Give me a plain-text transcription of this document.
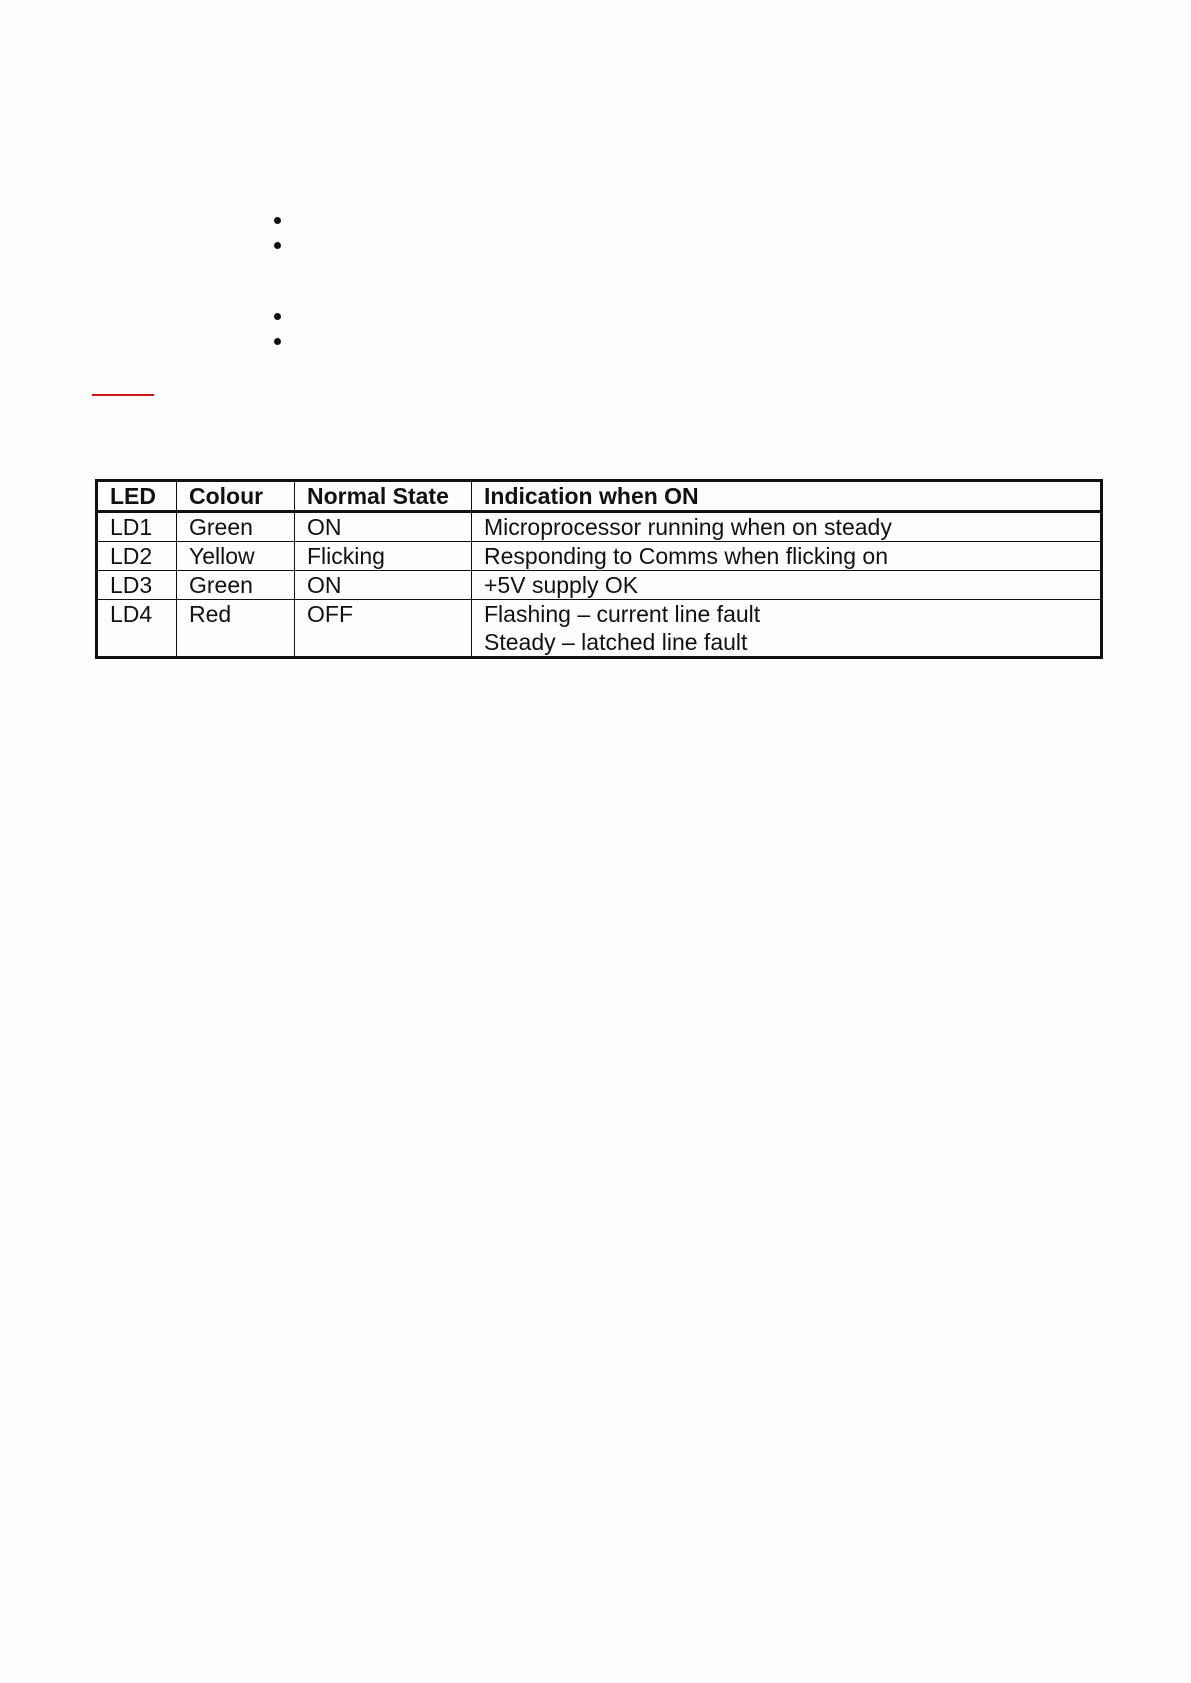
LED	Colour	Normal State	Indication when ON
LD1	Green	ON	Microprocessor running when on steady

LD2	Yellow	Flicking	Responding to Comms when flicking on

LD3	Green	ON	+5V supply OK

LD4	Red	OFF	Flashing – current line fault
Steady – latched line fault
